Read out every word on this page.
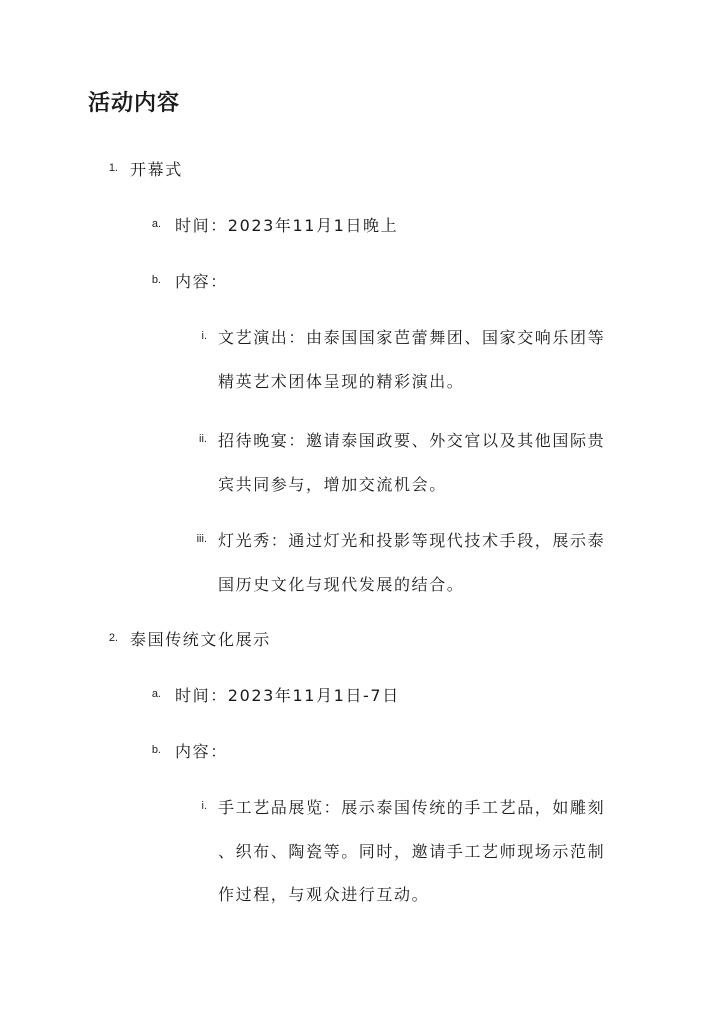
活动内容
1. 开幕式
a. 时间：2023年11月1日晚上
b. 内容：
i. 文艺演出：由泰国国家芭蕾舞团、国家交响乐团等
精英艺术团体呈现的精彩演出。
ii. 招待晚宴：邀请泰国政要、外交官以及其他国际贵
宾共同参与，增加交流机会。
iii. 灯光秀：通过灯光和投影等现代技术手段，展示泰
国历史文化与现代发展的结合。
2. 泰国传统文化展示
a. 时间：2023年11月1日-7日
b. 内容：
i. 手工艺品展览：展示泰国传统的手工艺品，如雕刻
、织布、陶瓷等。同时，邀请手工艺师现场示范制
作过程，与观众进行互动。
